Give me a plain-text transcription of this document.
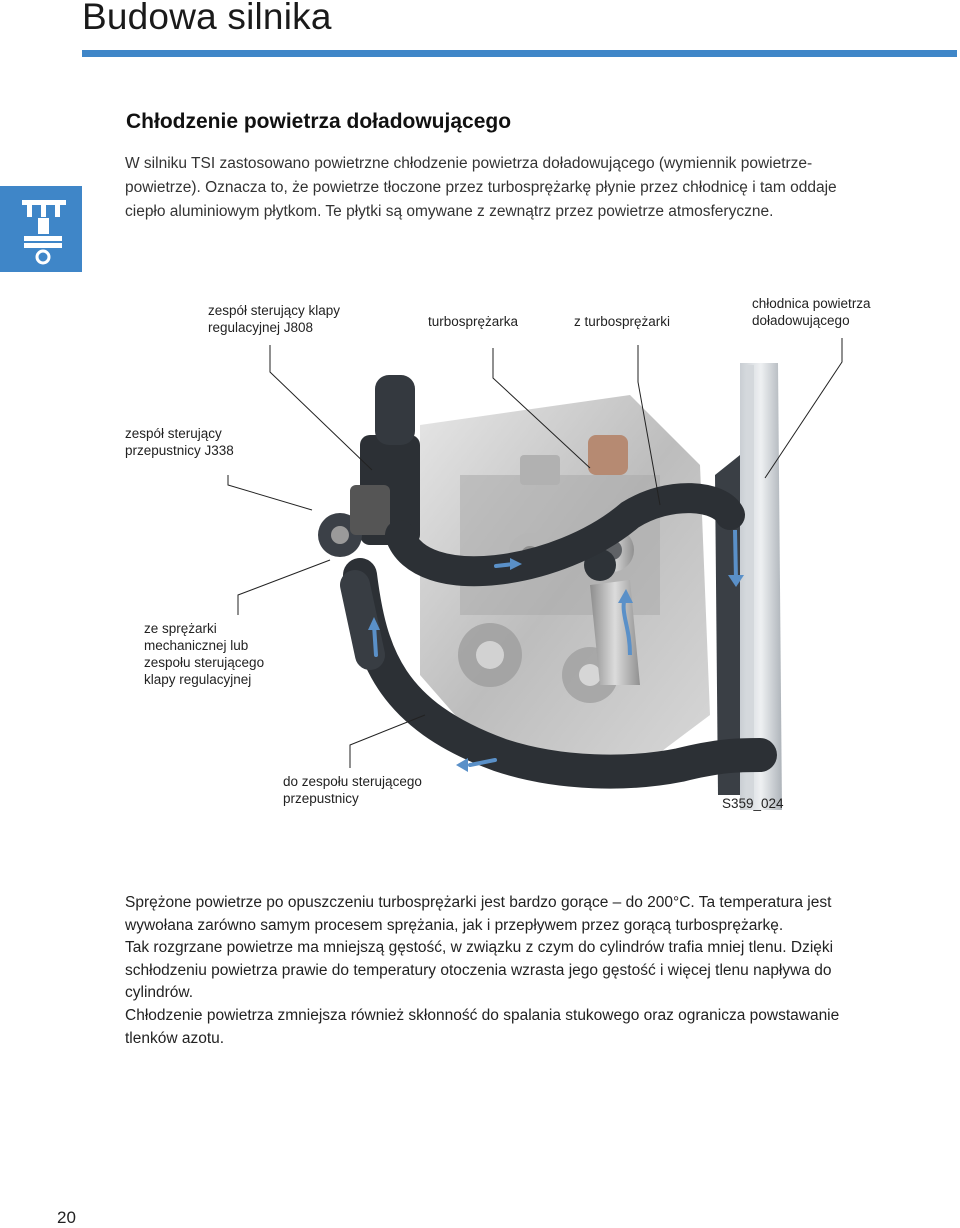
Budowa silnika
Chłodzenie powietrza doładowującego

W silniku TSI zastosowano powietrzne chłodzenie powietrza doładowującego (wymiennik powietrze-
powietrze). Oznacza to, że powietrze tłoczone przez turbosprężarkę płynie przez chłodnicę i tam oddaje
ciepło aluminiowym płytkom. Te płytki są omywane z zewnątrz przez powietrze atmosferyczne.

zespół sterujący klapy
regulacyjnej J808	turbosprężarka	z turbosprężarki
chłodnica powietrza
doładowującego
zespół sterujący
przepustnicy J338
ze sprężarki
mechanicznej lub
zespołu sterującego
klapy regulacyjnej
do zespołu sterującego
przepustnicy	S359_024

Sprężone powietrze po opuszczeniu turbosprężarki jest bardzo gorące – do 200°C. Ta temperatura jest
wywołana zarówno samym procesem sprężania, jak i przepływem przez gorącą turbosprężarkę.
Tak rozgrzane powietrze ma mniejszą gęstość, w związku z czym do cylindrów trafia mniej tlenu. Dzięki
schłodzeniu powietrza prawie do temperatury otoczenia wzrasta jego gęstość i więcej tlenu napływa do
cylindrów.
Chłodzenie powietrza zmniejsza również skłonność do spalania stukowego oraz ogranicza powstawanie
tlenków azotu.

20
